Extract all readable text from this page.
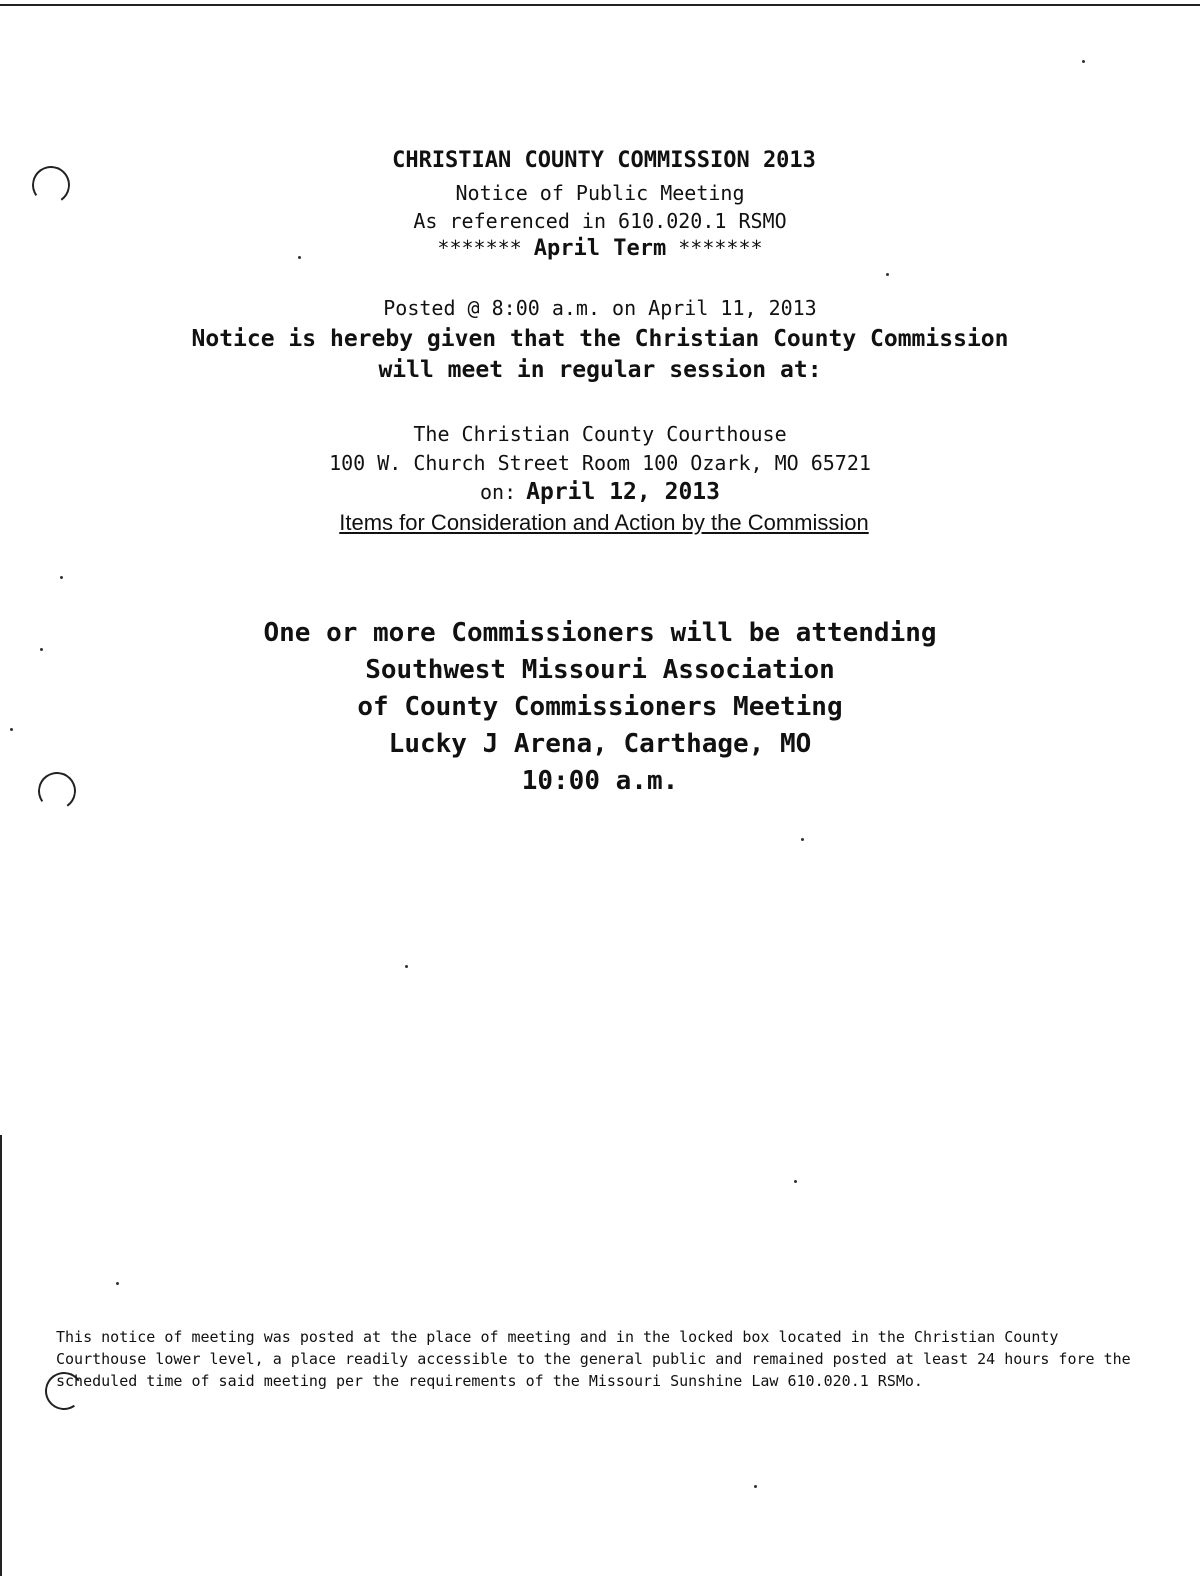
CHRISTIAN COUNTY COMMISSION 2013

Notice of Public Meeting

As referenced in 610.020.1 RSMO

******* April Term *******

Posted @ 8:00 a.m. on April 11, 2013

Notice is hereby given that the Christian County Commission

will meet in regular session at:

The Christian County Courthouse

100 W. Church Street Room 100 Ozark, MO 65721

on: April 12, 2013

Items for Consideration and Action by the Commission

One or more Commissioners will be attending

Southwest Missouri Association

of County Commissioners Meeting

Lucky J Arena, Carthage, MO

10:00 a.m.

This notice of meeting was posted at the place of meeting and in the locked box located in the Christian County Courthouse lower level, a place readily accessible to the general public and remained posted at least 24 hours fore the scheduled time of said meeting per the requirements of the Missouri Sunshine Law 610.020.1 RSMo.
